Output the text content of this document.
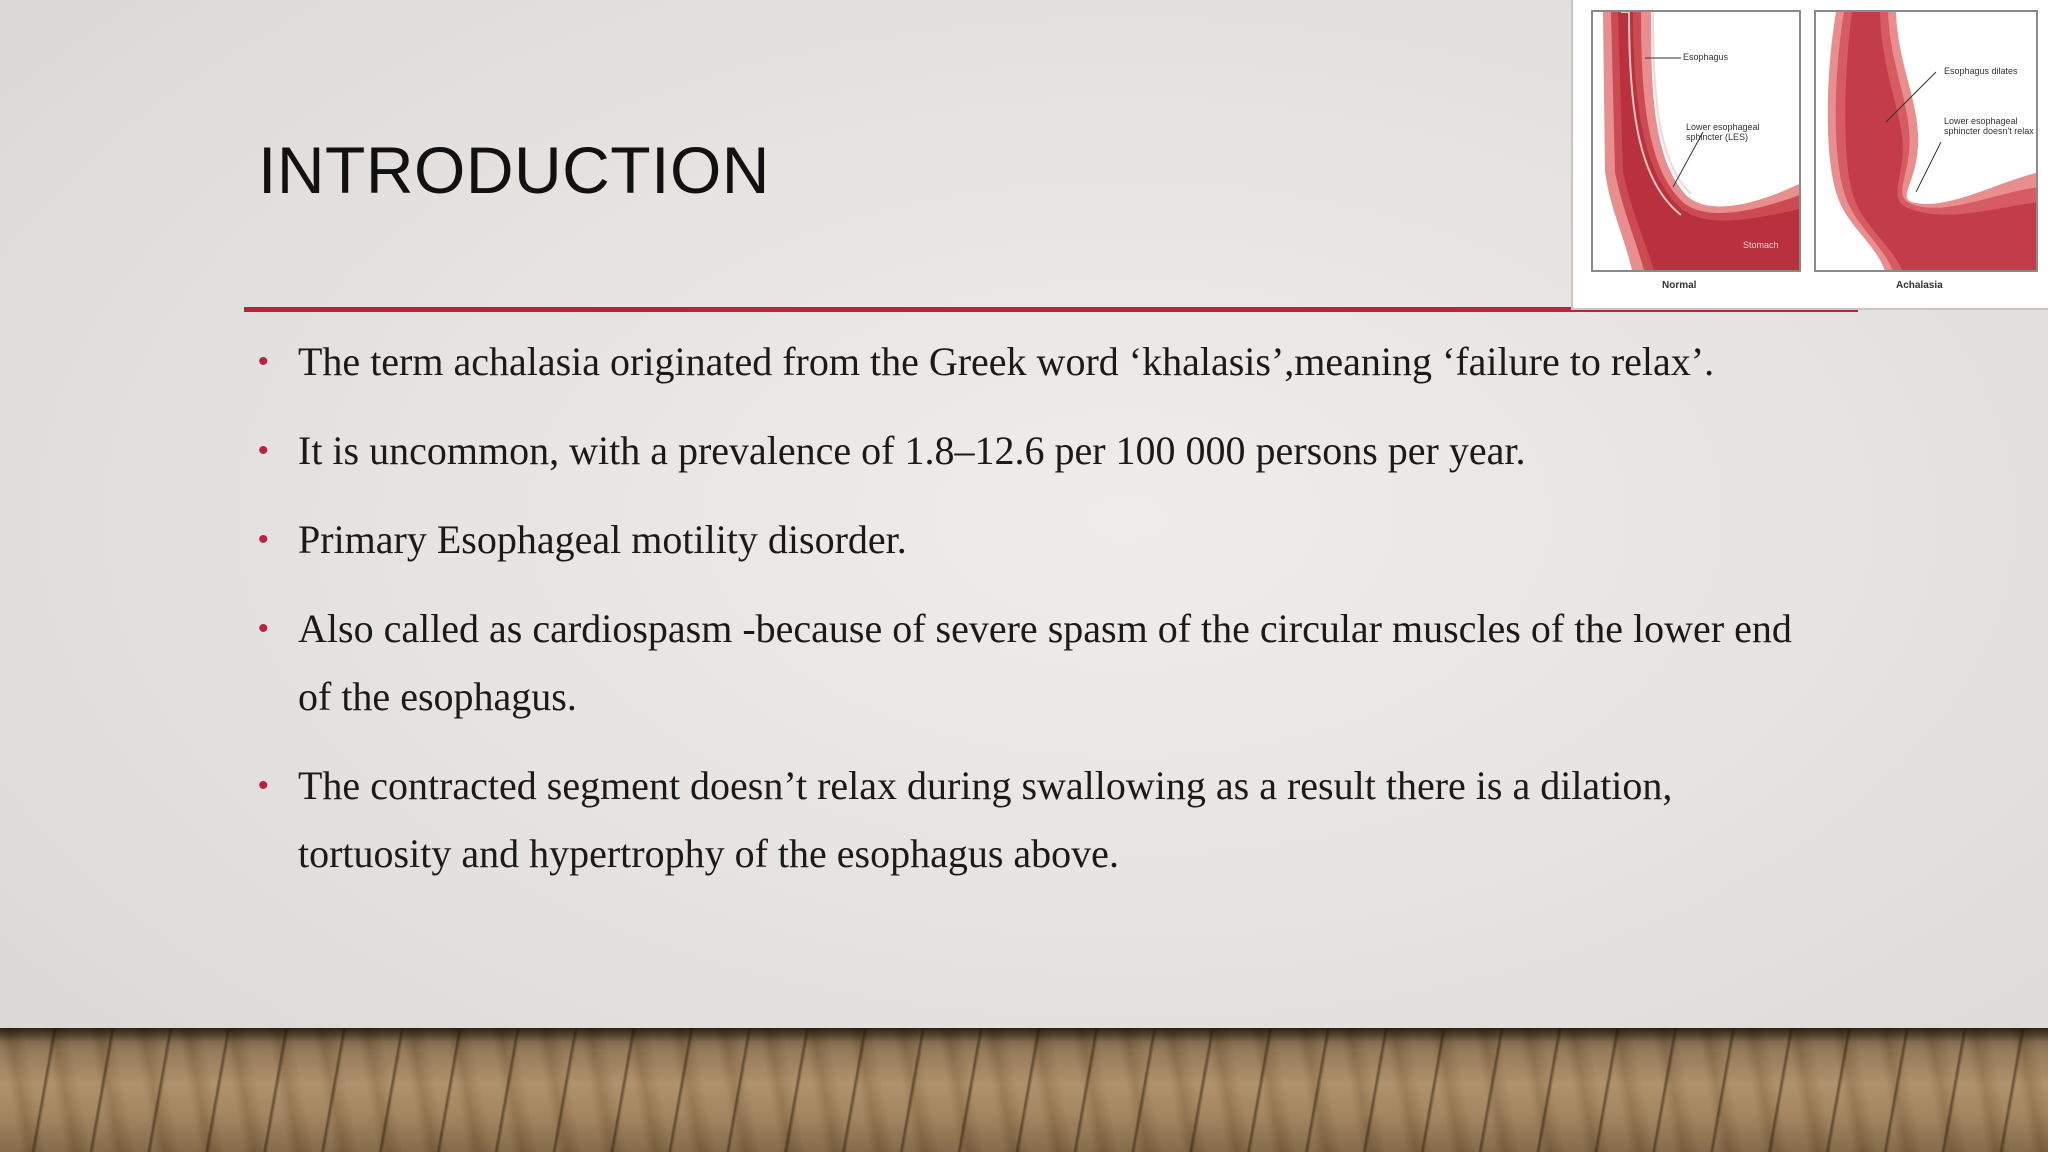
INTRODUCTION
• The term achalasia originated from the Greek word ‘khalasis’,meaning ‘failure to relax’.
• It is uncommon, with a prevalence of 1.8–12.6 per 100 000 persons per year.
• Primary Esophageal motility disorder.
• Also called as cardiospasm -because of severe spasm of the circular muscles of the lower end of the esophagus.
• The contracted segment doesn’t relax during swallowing as a result there is a dilation, tortuosity and hypertrophy of the esophagus above.
Esophagus
Lower esophageal sphincter (LES)
Stomach
Esophagus dilates
Lower esophageal sphincter doesn't relax
Normal	Achalasia
